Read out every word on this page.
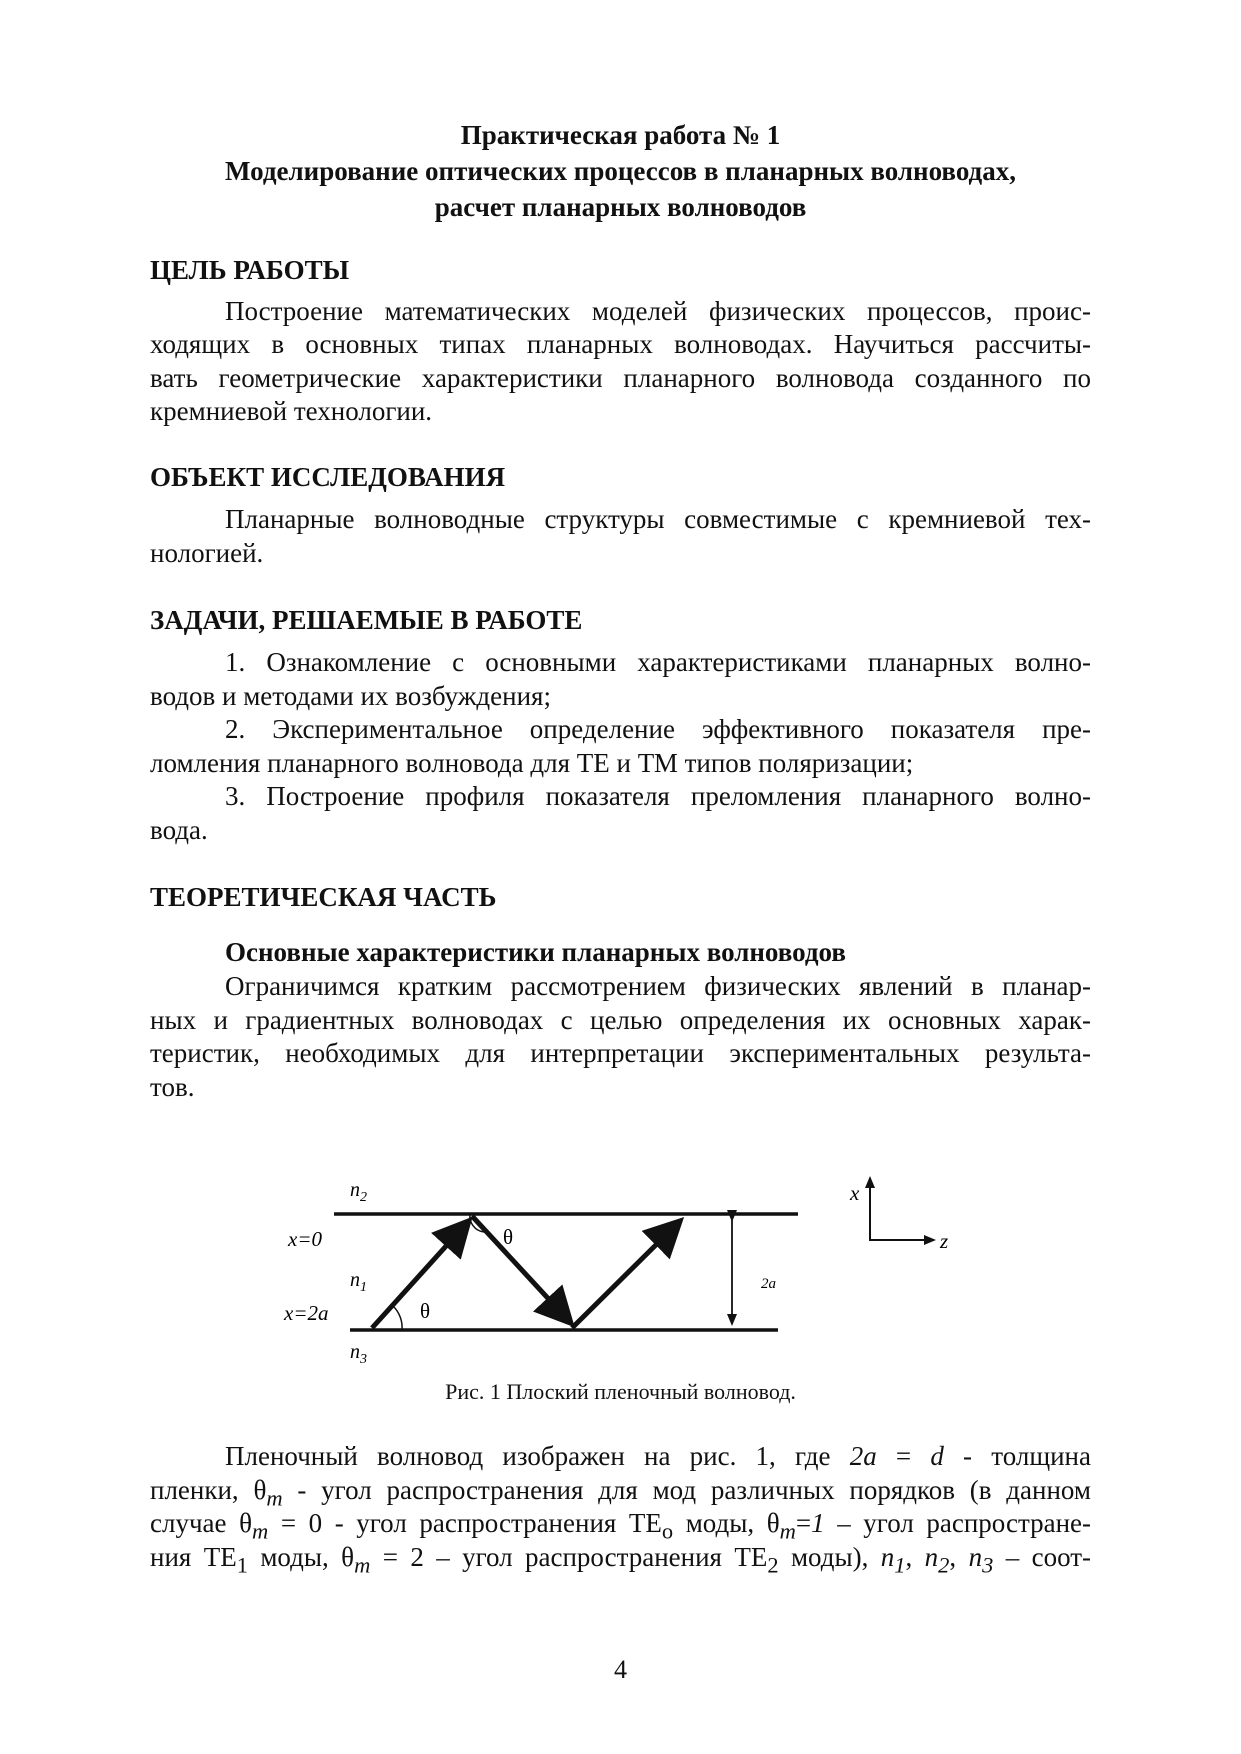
Практическая работа № 1
Моделирование оптических процессов в планарных волноводах,
расчет планарных волноводов
ЦЕЛЬ РАБОТЫ

Построение математических моделей физических процессов, проис-

ходящих в основных типах планарных волноводах. Научиться рассчиты-

вать геометрические характеристики планарного волновода созданного по

кремниевой технологии.

ОБЪЕКТ ИССЛЕДОВАНИЯ

Планарные волноводные структуры совместимые с кремниевой тех-

нологией.

ЗАДАЧИ, РЕШАЕМЫЕ В РАБОТЕ

1. Ознакомление с основными характеристиками планарных волно-

водов и методами их возбуждения;

2. Экспериментальное определение эффективного показателя пре-

ломления планарного волновода для ТЕ и ТМ типов поляризации;

3. Построение профиля показателя преломления планарного волно-

вода.

ТЕОРЕТИЧЕСКАЯ ЧАСТЬ
Основные характеристики планарных волноводов

Ограничимся кратким рассмотрением физических явлений в планар-

ных и градиентных волноводах с целью определения их основных харак-

теристик, необходимых для интерпретации экспериментальных результа-

тов.

$n_2$
$n_1$
$n_3$
x=0
x=2a
θ
θ
2a
x
z
Рис. 1 Плоский пленочный волновод.

Пленочный волновод изображен на рис. 1, где 2a = d - толщина

пленки, $\theta_m$ - угол распространения для мод различных порядков (в данном

случае $\theta_m = 0$ - угол распространения $TE_o$ моды, $\theta_m=1$ – угол распростране-

ния $TE_1$ моды, $\theta_m = 2$ – угол распространения $TE_2$ моды), $n_1$, $n_2$, $n_3$ – соот-

4
